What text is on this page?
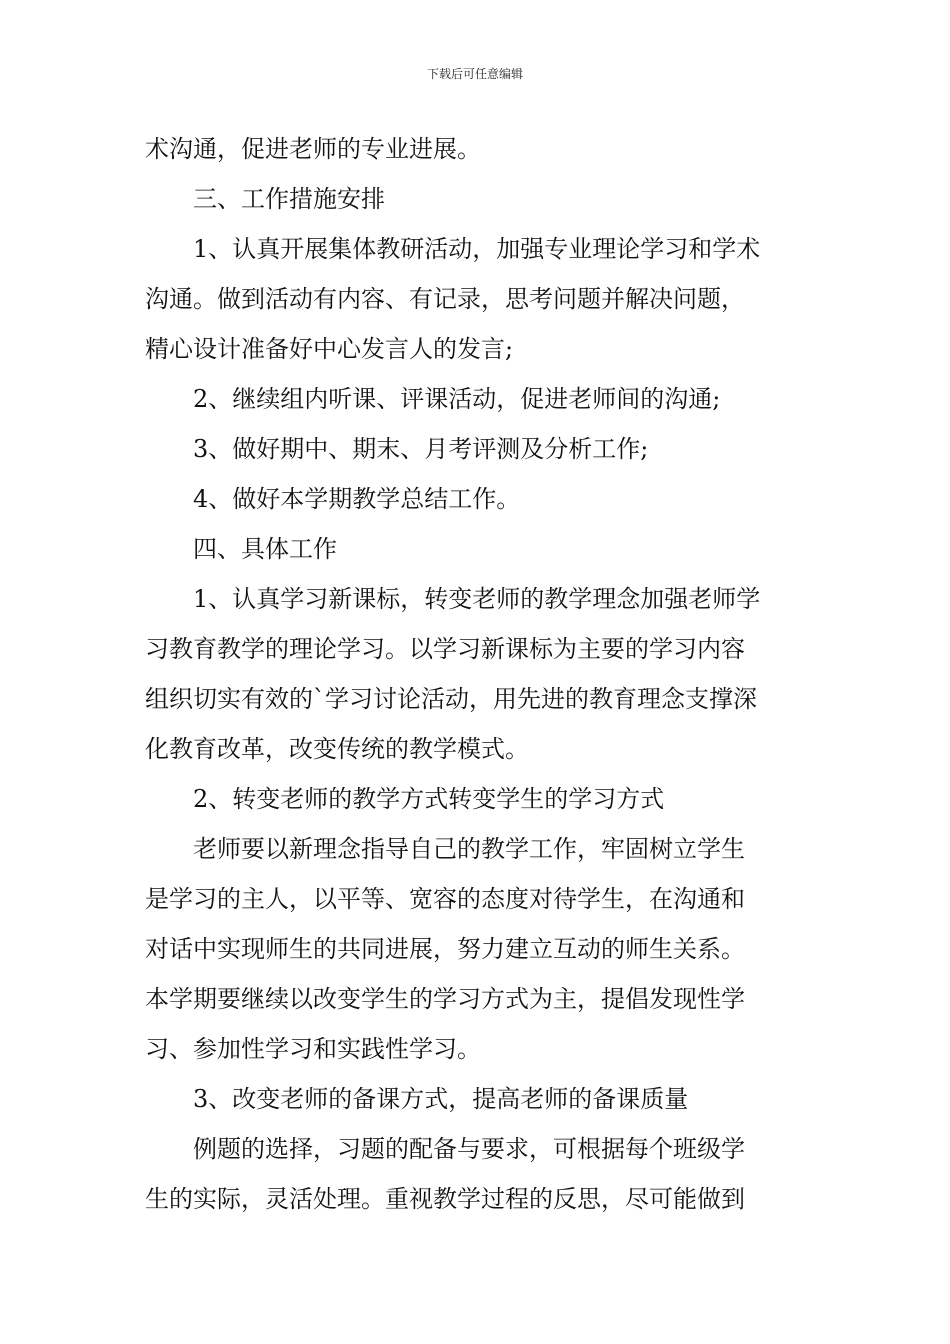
下载后可任意编辑
术沟通，促进老师的专业进展。
三、工作措施安排
1、认真开展集体教研活动，加强专业理论学习和学术
沟通。做到活动有内容、有记录，思考问题并解决问题，
精心设计准备好中心发言人的发言;
2、继续组内听课、评课活动，促进老师间的沟通;
3、做好期中、期末、月考评测及分析工作;
4、做好本学期教学总结工作。
四、具体工作
1、认真学习新课标，转变老师的教学理念加强老师学
习教育教学的理论学习。以学习新课标为主要的学习内容
组织切实有效的`学习讨论活动，用先进的教育理念支撑深
化教育改革，改变传统的教学模式。
2、转变老师的教学方式转变学生的学习方式
老师要以新理念指导自己的教学工作，牢固树立学生
是学习的主人，以平等、宽容的态度对待学生，在沟通和
对话中实现师生的共同进展，努力建立互动的师生关系。
本学期要继续以改变学生的学习方式为主，提倡发现性学
习、参加性学习和实践性学习。
3、改变老师的备课方式，提高老师的备课质量
例题的选择，习题的配备与要求，可根据每个班级学
生的实际，灵活处理。重视教学过程的反思，尽可能做到
